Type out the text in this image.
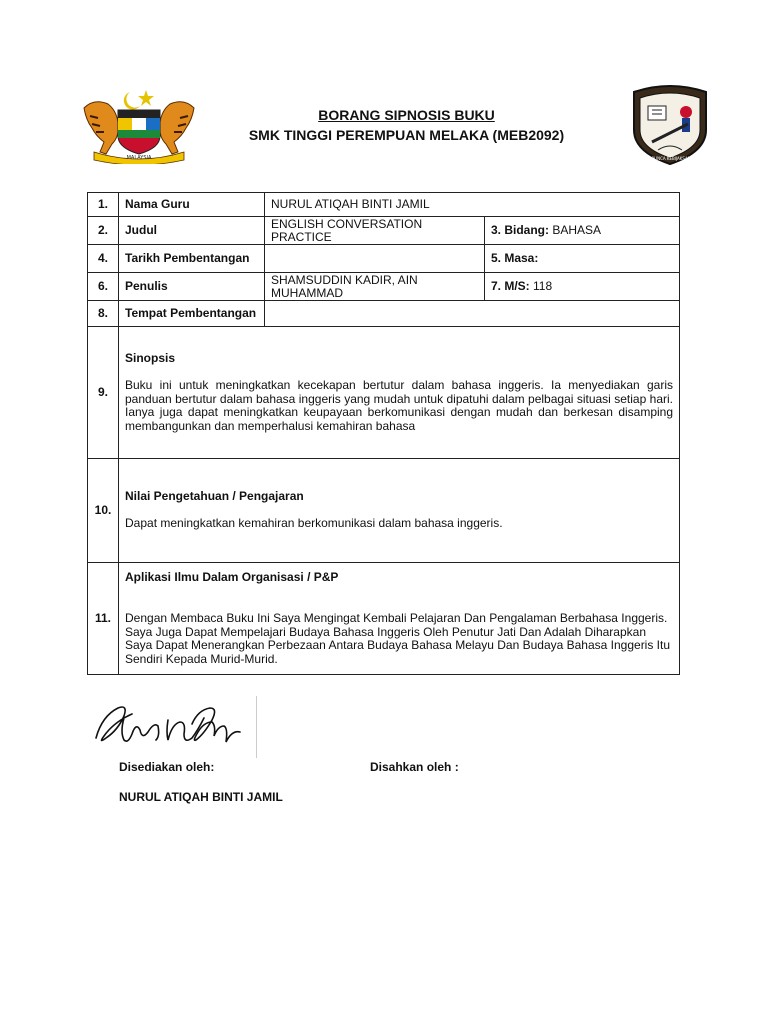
MALAYSIA	ILMU PUNCA KEBIJAKSANAAN
BORANG SIPNOSIS BUKU
SMK TINGGI PEREMPUAN MELAKA (MEB2092)
1.	Nama Guru	NURUL ATIQAH BINTI JAMIL	
2.	Judul	ENGLISH CONVERSATION PRACTICE	3. Bidang: BAHASA
4.	Tarikh Pembentangan		5. Masa:
6.	Penulis	SHAMSUDDIN KADIR, AIN MUHAMMAD	7. M/S: 118
8.	Tempat Pembentangan		
9.	Sinopsis
Buku ini untuk meningkatkan kecekapan bertutur dalam bahasa inggeris. Ia menyediakan garis panduan bertutur dalam bahasa inggeris yang mudah untuk dipatuhi dalam pelbagai situasi setiap hari. Ianya juga dapat meningkatkan keupayaan berkomunikasi dengan mudah dan berkesan disamping membangunkan dan memperhalusi kemahiran bahasa		

10.	Nilai Pengetahuan / Pengajaran
Dapat meningkatkan kemahiran berkomunikasi dalam bahasa inggeris.		

11.	Aplikasi Ilmu Dalam Organisasi / P&P
Dengan Membaca Buku Ini Saya Mengingat Kembali Pelajaran Dan Pengalaman Berbahasa Inggeris. Saya Juga Dapat Mempelajari Budaya Bahasa Inggeris Oleh Penutur Jati Dan Adalah Diharapkan Saya Dapat Menerangkan Perbezaan Antara Budaya Bahasa Melayu Dan Budaya Bahasa Inggeris Itu Sendiri Kepada Murid-Murid.		
Disediakan oleh:	Disahkan oleh :
NURUL ATIQAH BINTI JAMIL
